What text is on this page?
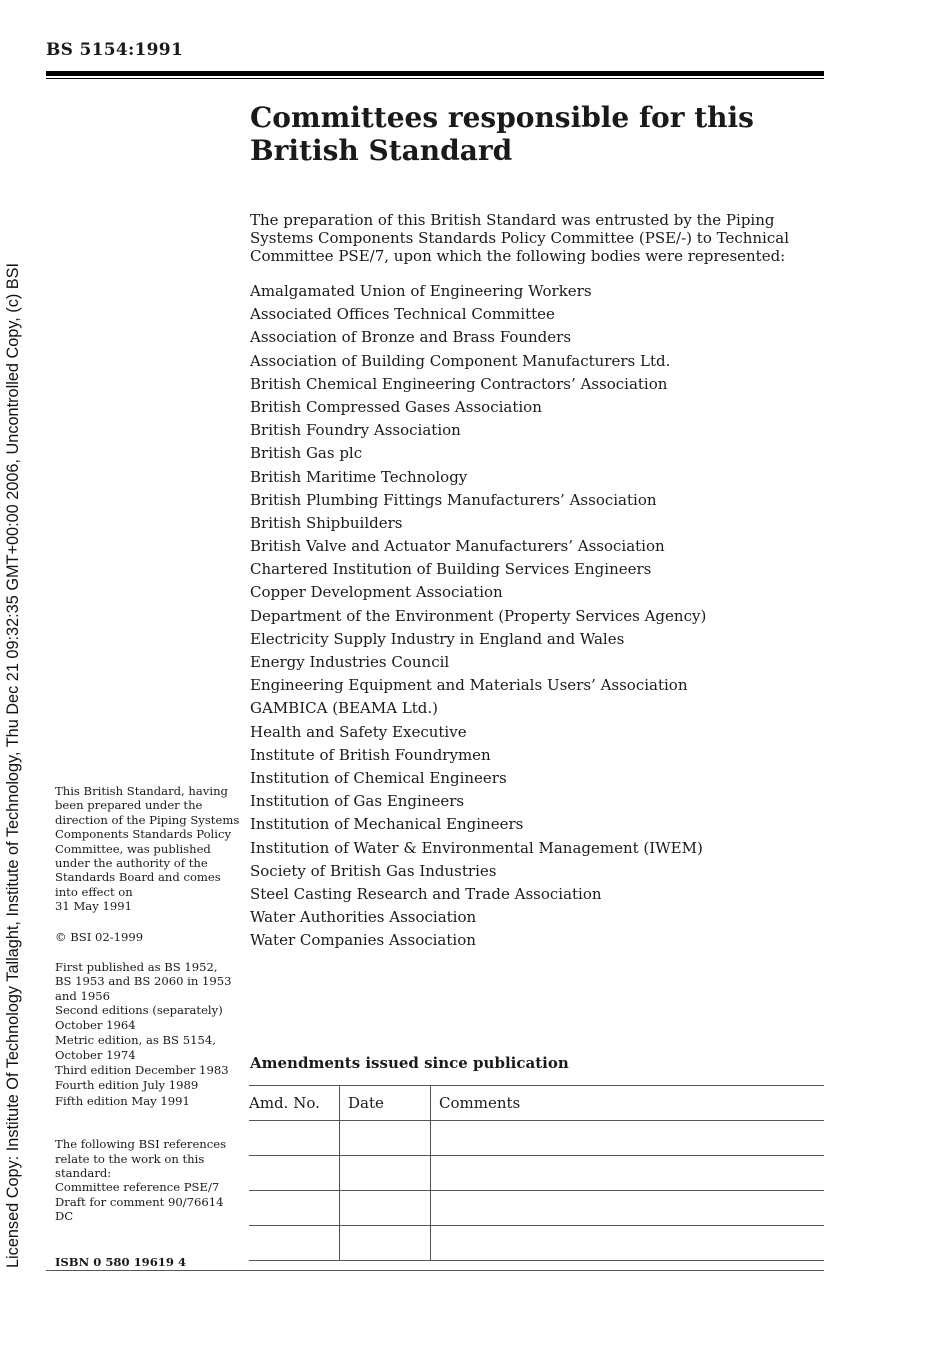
BS 5154:1991
Licensed Copy: Institute Of Technology Tallaght, Institute of Technology, Thu Dec 21 09:32:35 GMT+00:00 2006, Uncontrolled Copy, (c) BSI
Committees responsible for this
British Standard

The preparation of this British Standard was entrusted by the Piping Systems Components Standards Policy Committee (PSE/-) to Technical Committee PSE/7, upon which the following bodies were represented:

Amalgamated Union of Engineering Workers
Associated Offices Technical Committee
Association of Bronze and Brass Founders
Association of Building Component Manufacturers Ltd.
British Chemical Engineering Contractors’ Association
British Compressed Gases Association
British Foundry Association
British Gas plc
British Maritime Technology
British Plumbing Fittings Manufacturers’ Association
British Shipbuilders
British Valve and Actuator Manufacturers’ Association
Chartered Institution of Building Services Engineers
Copper Development Association
Department of the Environment (Property Services Agency)
Electricity Supply Industry in England and Wales
Energy Industries Council
Engineering Equipment and Materials Users’ Association
GAMBICA (BEAMA Ltd.)
Health and Safety Executive
Institute of British Foundrymen
Institution of Chemical Engineers
Institution of Gas Engineers
Institution of Mechanical Engineers
Institution of Water & Environmental Management (IWEM)
Society of British Gas Industries
Steel Casting Research and Trade Association
Water Authorities Association
Water Companies Association

This British Standard, having
been prepared under the
direction of the Piping Systems
Components Standards Policy
Committee, was published
under the authority of the
Standards Board and comes
into effect on
31 May 1991

© BSI 02-1999

First published as BS 1952,
BS 1953 and BS 2060 in 1953
and 1956

Second editions (separately)
October 1964

Metric edition, as BS 5154,
October 1974

Third edition December 1983

Fourth edition July 1989

Fifth edition May 1991

The following BSI references
relate to the work on this
standard:
Committee reference PSE/7
Draft for comment 90/76614 DC

ISBN 0 580 19619 4

Amendments issued since publication
Amd. No.	Date	Comments
